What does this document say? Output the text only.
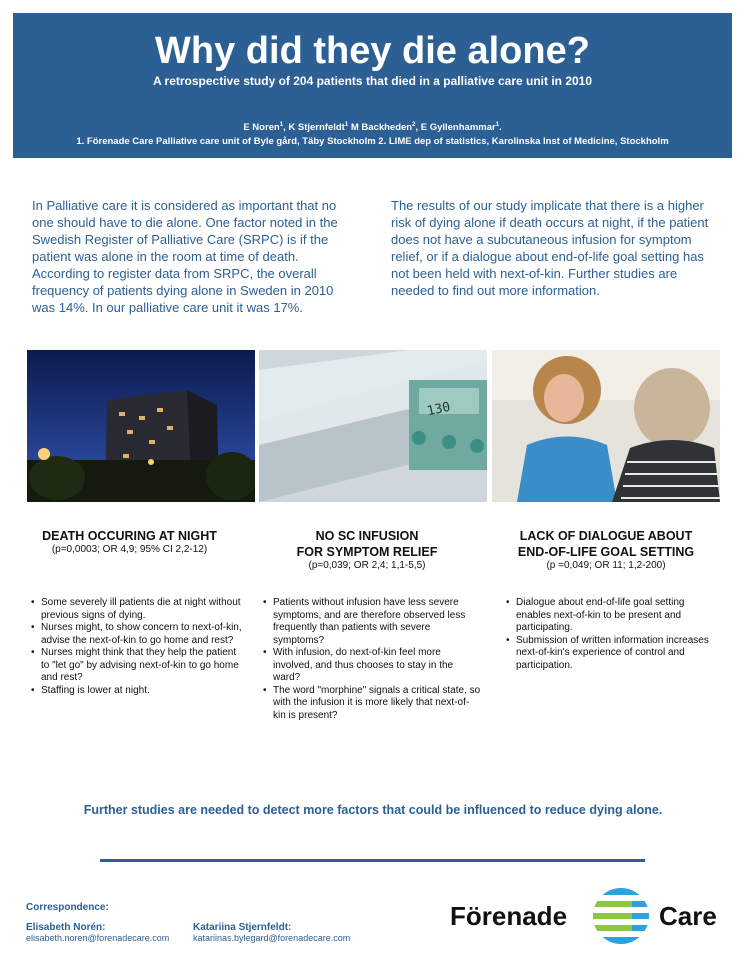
Why did they die alone?
A retrospective study of 204 patients that died in a palliative care unit in 2010
E Noren$^1$, K Stjernfeldt$^1$ M Backheden$^2$, E Gyllenhammar$^1$.
1. Förenade Care Palliative care unit of Byle gård, Täby Stockholm 2. LIME dep of statistics, Karolinska Inst of Medicine, Stockholm
In Palliative care it is considered as important that no one should have to die alone. One factor noted in the Swedish Register of Palliative Care (SRPC) is if the patient was alone in the room at time of death. According to register data from SRPC, the overall frequency of patients dying alone in Sweden in 2010 was 14%. In our palliative care unit it was 17%.
The results of our study implicate that there is a higher risk of dying alone if death occurs at night, if the patient does not have a subcutaneous infusion for symptom relief, or if a dialogue about end-of-life goal setting has not been held with next-of-kin. Further studies are needed to find out more information.
130
DEATH OCCURING AT NIGHT
(p=0,0003; OR 4,9; 95% CI 2,2-12)
• Some severely ill patients die at night without previous signs of dying.
• Nurses might, to show concern to next-of-kin, advise the next-of-kin to go home and rest?
• Nurses might think that they help the patient to "let go" by advising next-of-kin to go home and rest?
• Staffing is lower at night.
NO SC INFUSION
FOR SYMPTOM RELIEF
(p=0,039; OR 2,4; 1,1-5,5)
• Patients without infusion have less severe symptoms, and are therefore observed less frequently than patients with severe symptoms?
• With infusion, do next-of-kin feel more involved, and thus chooses to stay in the ward?
• The word "morphine" signals a critical state, so with the infusion it is more likely that next-of-kin is present?
LACK OF DIALOGUE ABOUT
END-OF-LIFE GOAL SETTING
(p =0,049; OR 11; 1,2-200)
• Dialogue about end-of-life goal setting enables next-of-kin to be present and participating.
• Submission of written information increases next-of-kin's experience of control and participation.
Further studies are needed to detect more factors that could be influenced to reduce dying alone.
Correspondence:
Elisabeth Norén:
elisabeth.noren@forenadecare.com
Katariina Stjernfeldt:
katariinas.bylegard@forenadecare.com
Förenade	Care
